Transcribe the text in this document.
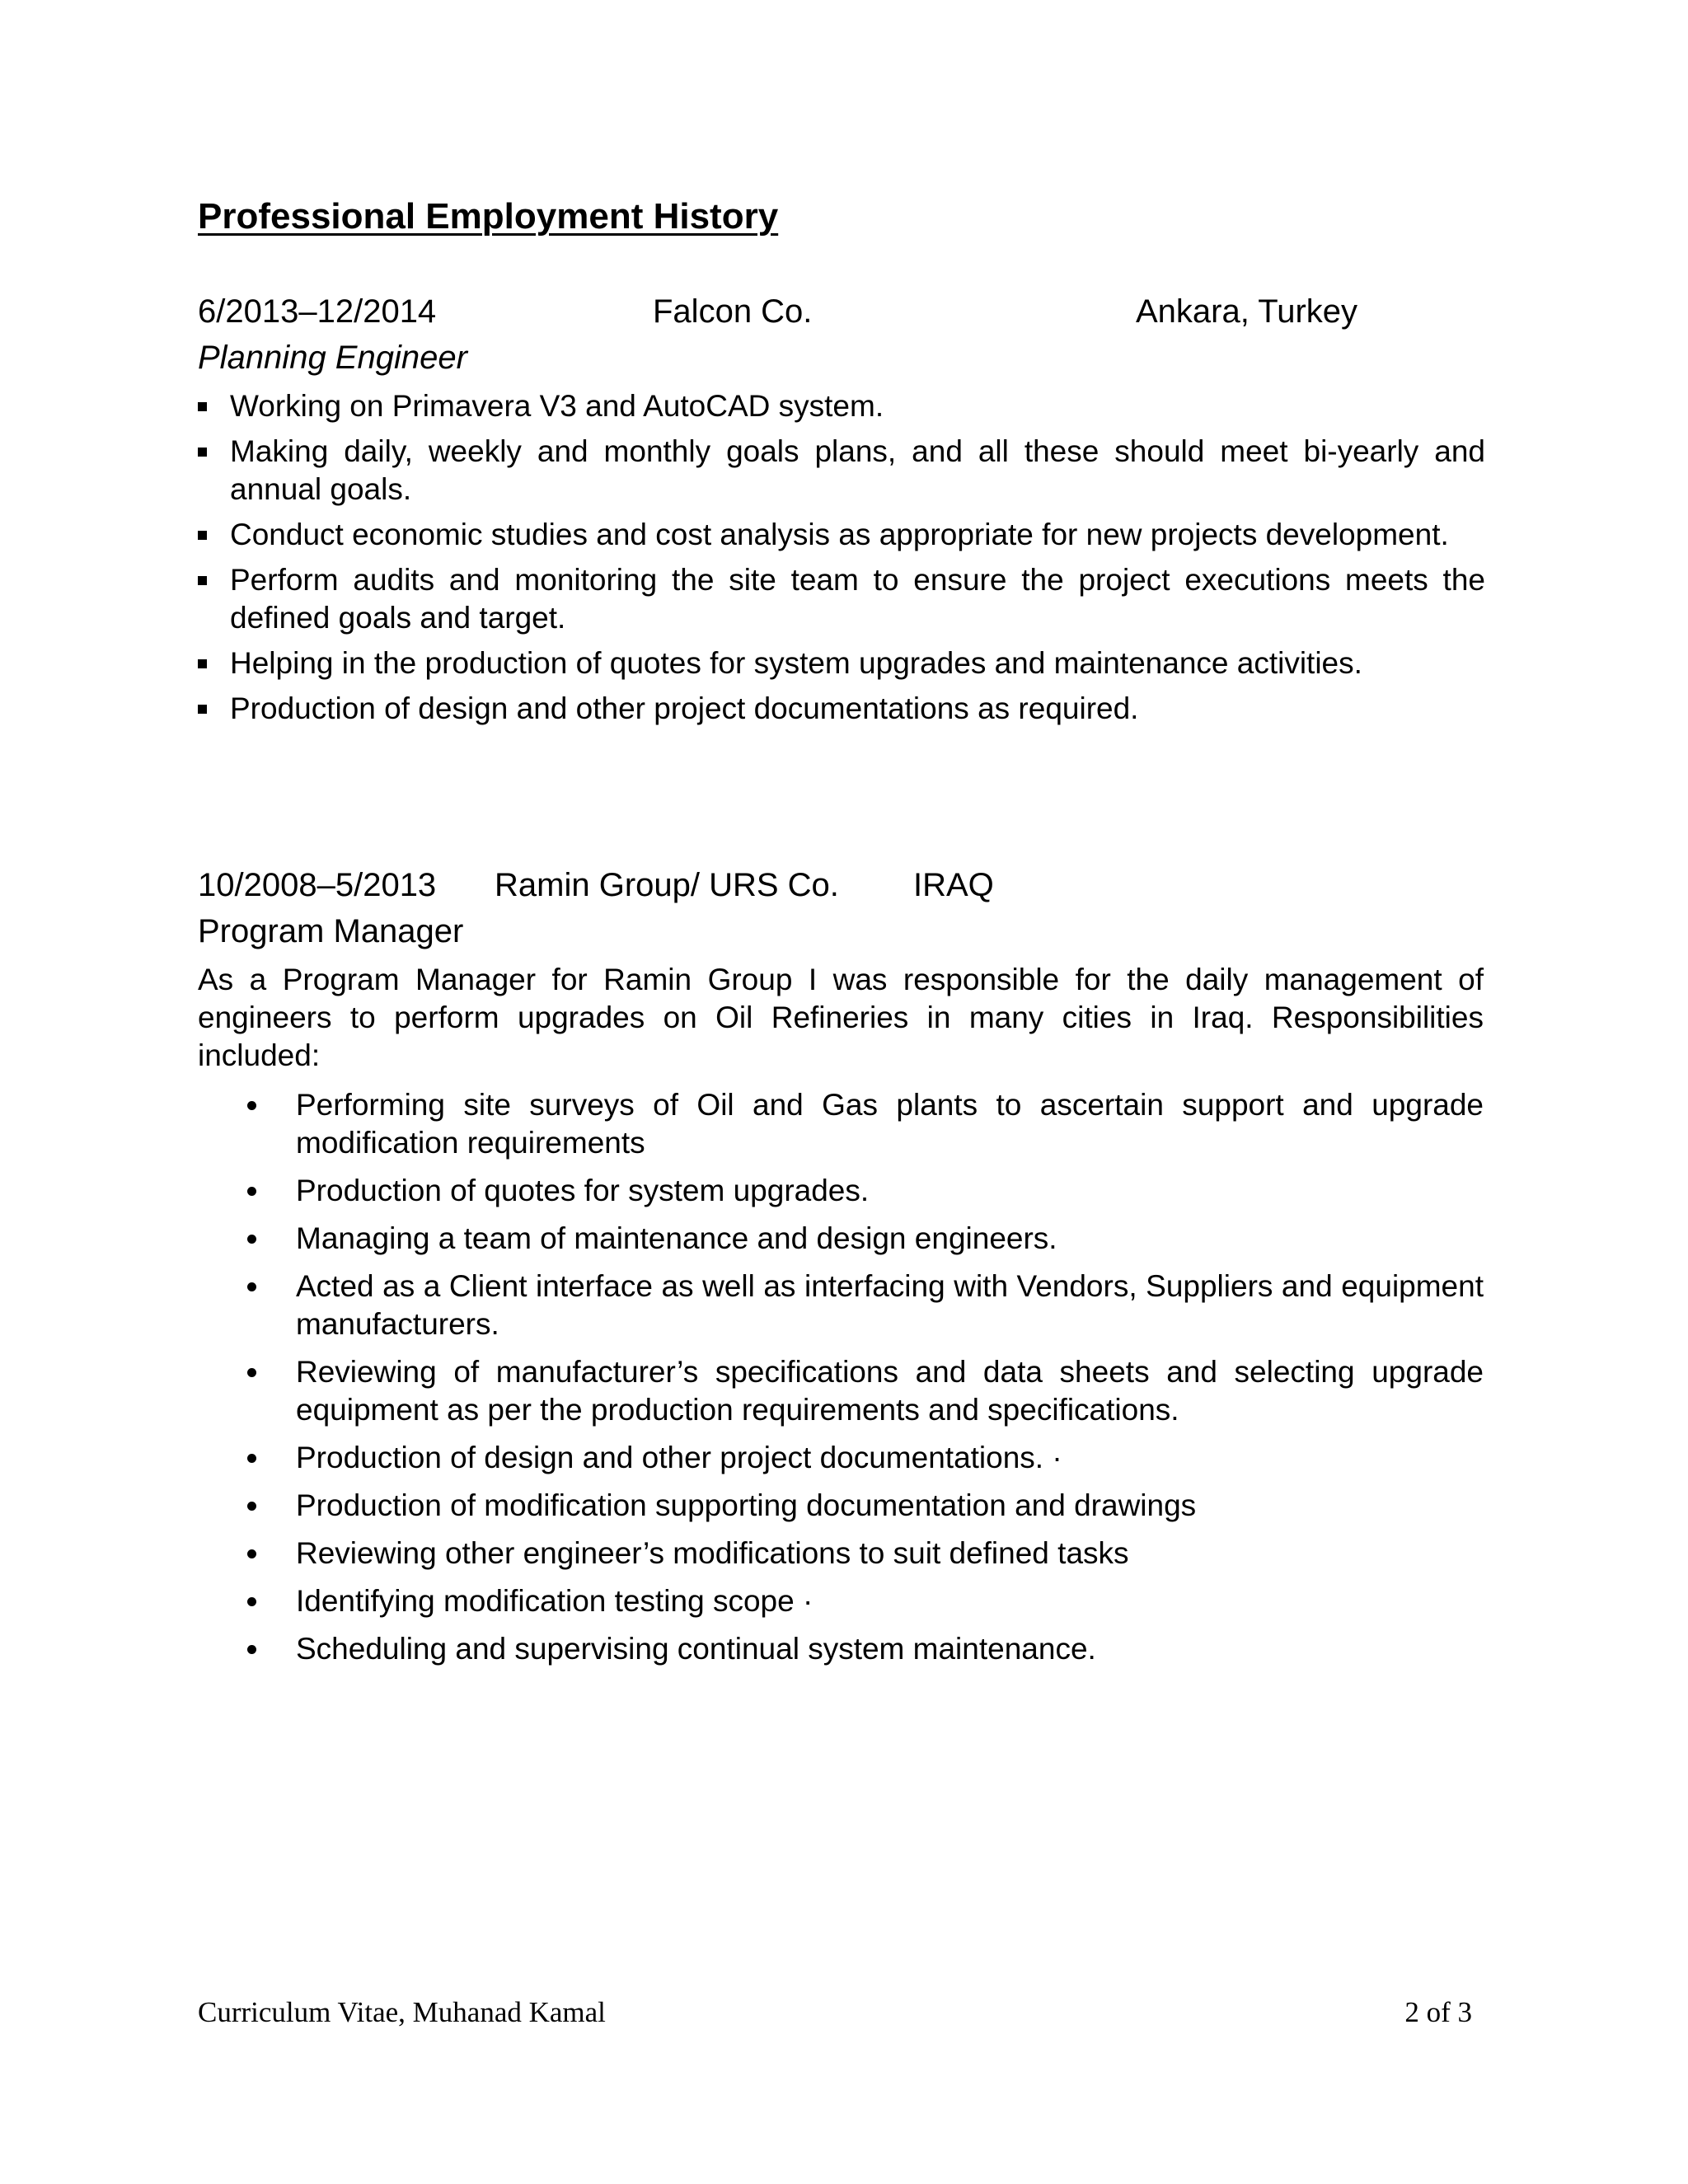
Professional Employment History
6/2013–12/2014	Falcon Co.	Ankara, Turkey
Planning Engineer
Working on Primavera V3 and AutoCAD system.
Making daily, weekly and monthly goals plans, and all these should meet bi-yearly and annual goals.
Conduct economic studies and cost analysis as appropriate for new projects development.
Perform audits and monitoring the site team to ensure the project executions meets the defined goals and target.
Helping in the production of quotes for system upgrades and maintenance activities.
Production of design and other project documentations as required.
10/2008–5/2013 Ramin Group/ URS Co. IRAQ
Program Manager

As a Program Manager for Ramin Group I was responsible for the daily management of engineers to perform upgrades on Oil Refineries in many cities in Iraq. Responsibilities included:

Performing site surveys of Oil and Gas plants to ascertain support and upgrade modification requirements
Production of quotes for system upgrades.
Managing a team of maintenance and design engineers.
Acted as a Client interface as well as interfacing with Vendors, Suppliers and equipment manufacturers.
Reviewing of manufacturer’s specifications and data sheets and selecting upgrade equipment as per the production requirements and specifications.
Production of design and other project documentations. ·
Production of modification supporting documentation and drawings
Reviewing other engineer’s modifications to suit defined tasks
Identifying modification testing scope ·
Scheduling and supervising continual system maintenance.
Curriculum Vitae, Muhanad Kamal	2 of 3
